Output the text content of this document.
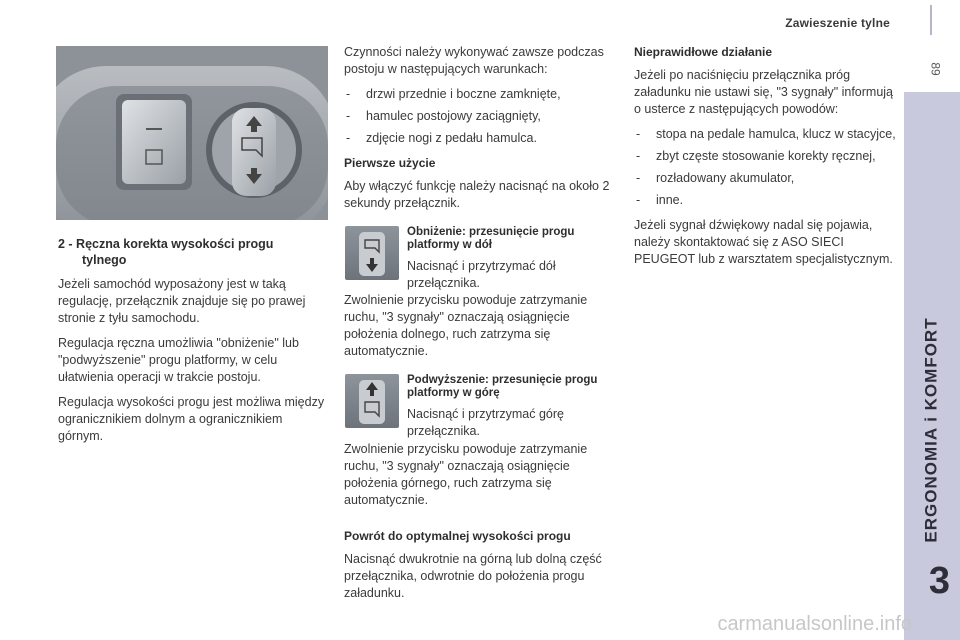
Zawieszenie tylne
89
ERGONOMIA i KOMFORT
3
2 - Ręczna korekta wysokości progu
tylnego

Jeżeli samochód wyposażony jest w taką regulację, przełącznik znajduje się po prawej stronie z tyłu samochodu.

Regulacja ręczna umożliwia "obniżenie" lub "podwyższenie" progu platformy, w celu ułatwienia operacji w trakcie postoju.

Regulacja wysokości progu jest możliwa między ogranicznikiem dolnym a ogranicznikiem górnym.

Czynności należy wykonywać zawsze podczas postoju w następujących warunkach:

- drzwi przednie i boczne zamknięte,
- hamulec postojowy zaciągnięty,
- zdjęcie nogi z pedału hamulca.
Pierwsze użycie

Aby włączyć funkcję należy nacisnąć na około 2 sekundy przełącznik.

Obniżenie: przesunięcie progu platformy w dół

Nacisnąć i przytrzymać dół przełącznika.

Zwolnienie przycisku powoduje zatrzymanie ruchu, "3 sygnały" oznaczają osiągnięcie położenia dolnego, ruch zatrzyma się automatycznie.

Podwyższenie: przesunięcie progu platformy w górę

Nacisnąć i przytrzymać górę przełącznika.

Zwolnienie przycisku powoduje zatrzymanie ruchu, "3 sygnały" oznaczają osiągnięcie położenia górnego, ruch zatrzyma się automatycznie.

Powrót do optymalnej wysokości progu

Nacisnąć dwukrotnie na górną lub dolną część przełącznika, odwrotnie do położenia progu załadunku.

Nieprawidłowe działanie

Jeżeli po naciśnięciu przełącznika próg załadunku nie ustawi się, "3 sygnały" informują o usterce z następujących powodów:

- stopa na pedale hamulca, klucz w stacyjce,
- zbyt częste stosowanie korekty ręcznej,
- rozładowany akumulator,
- inne.

Jeżeli sygnał dźwiękowy nadal się pojawia, należy skontaktować się z ASO SIECI PEUGEOT lub z warsztatem specjalistycznym.

carmanualsonline.info
